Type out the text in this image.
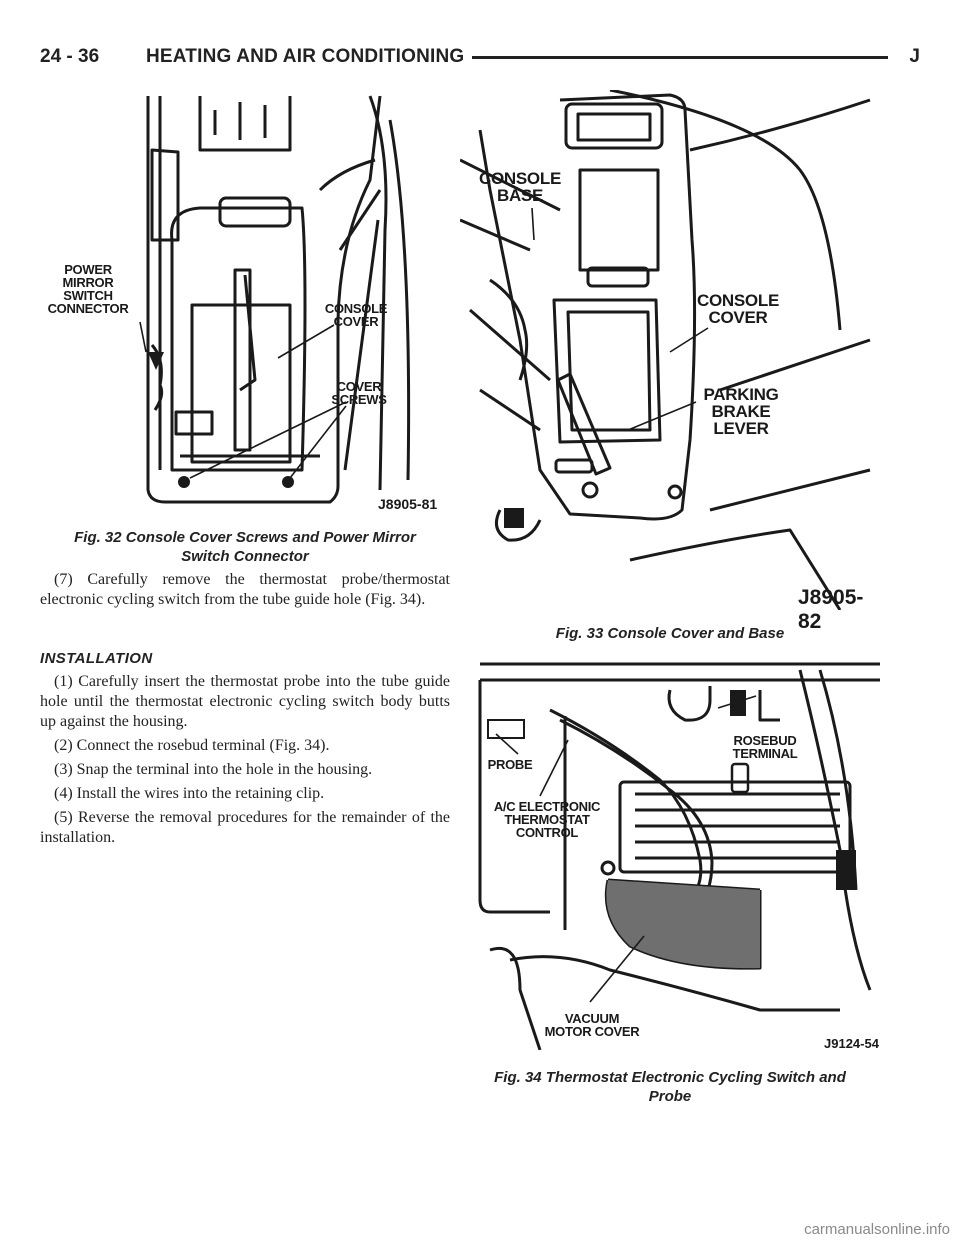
24 - 36 HEATING AND AIR CONDITIONING	J
POWER MIRROR SWITCH CONNECTOR	CONSOLE COVER
COVER SCREWS
J8905-81
Fig. 32 Console Cover Screws and Power Mirror
Switch Connector

(7) Carefully remove the thermostat probe/thermostat electronic cycling switch from the tube guide hole (Fig. 34).

INSTALLATION

(1) Carefully insert the thermostat probe into the tube guide hole until the thermostat electronic cycling switch body butts up against the housing.

(2) Connect the rosebud terminal (Fig. 34).

(3) Snap the terminal into the hole in the housing.

(4) Install the wires into the retaining clip.

(5) Reverse the removal procedures for the remainder of the installation.

CONSOLE BASE
CONSOLE COVER
PARKING BRAKE LEVER
J8905-82
Fig. 33 Console Cover and Base
ROSEBUD TERMINAL
PROBE
A/C ELECTRONIC THERMOSTAT CONTROL
VACUUM MOTOR COVER
J9124-54
Fig. 34 Thermostat Electronic Cycling Switch and
Probe
carmanualsonline.info
